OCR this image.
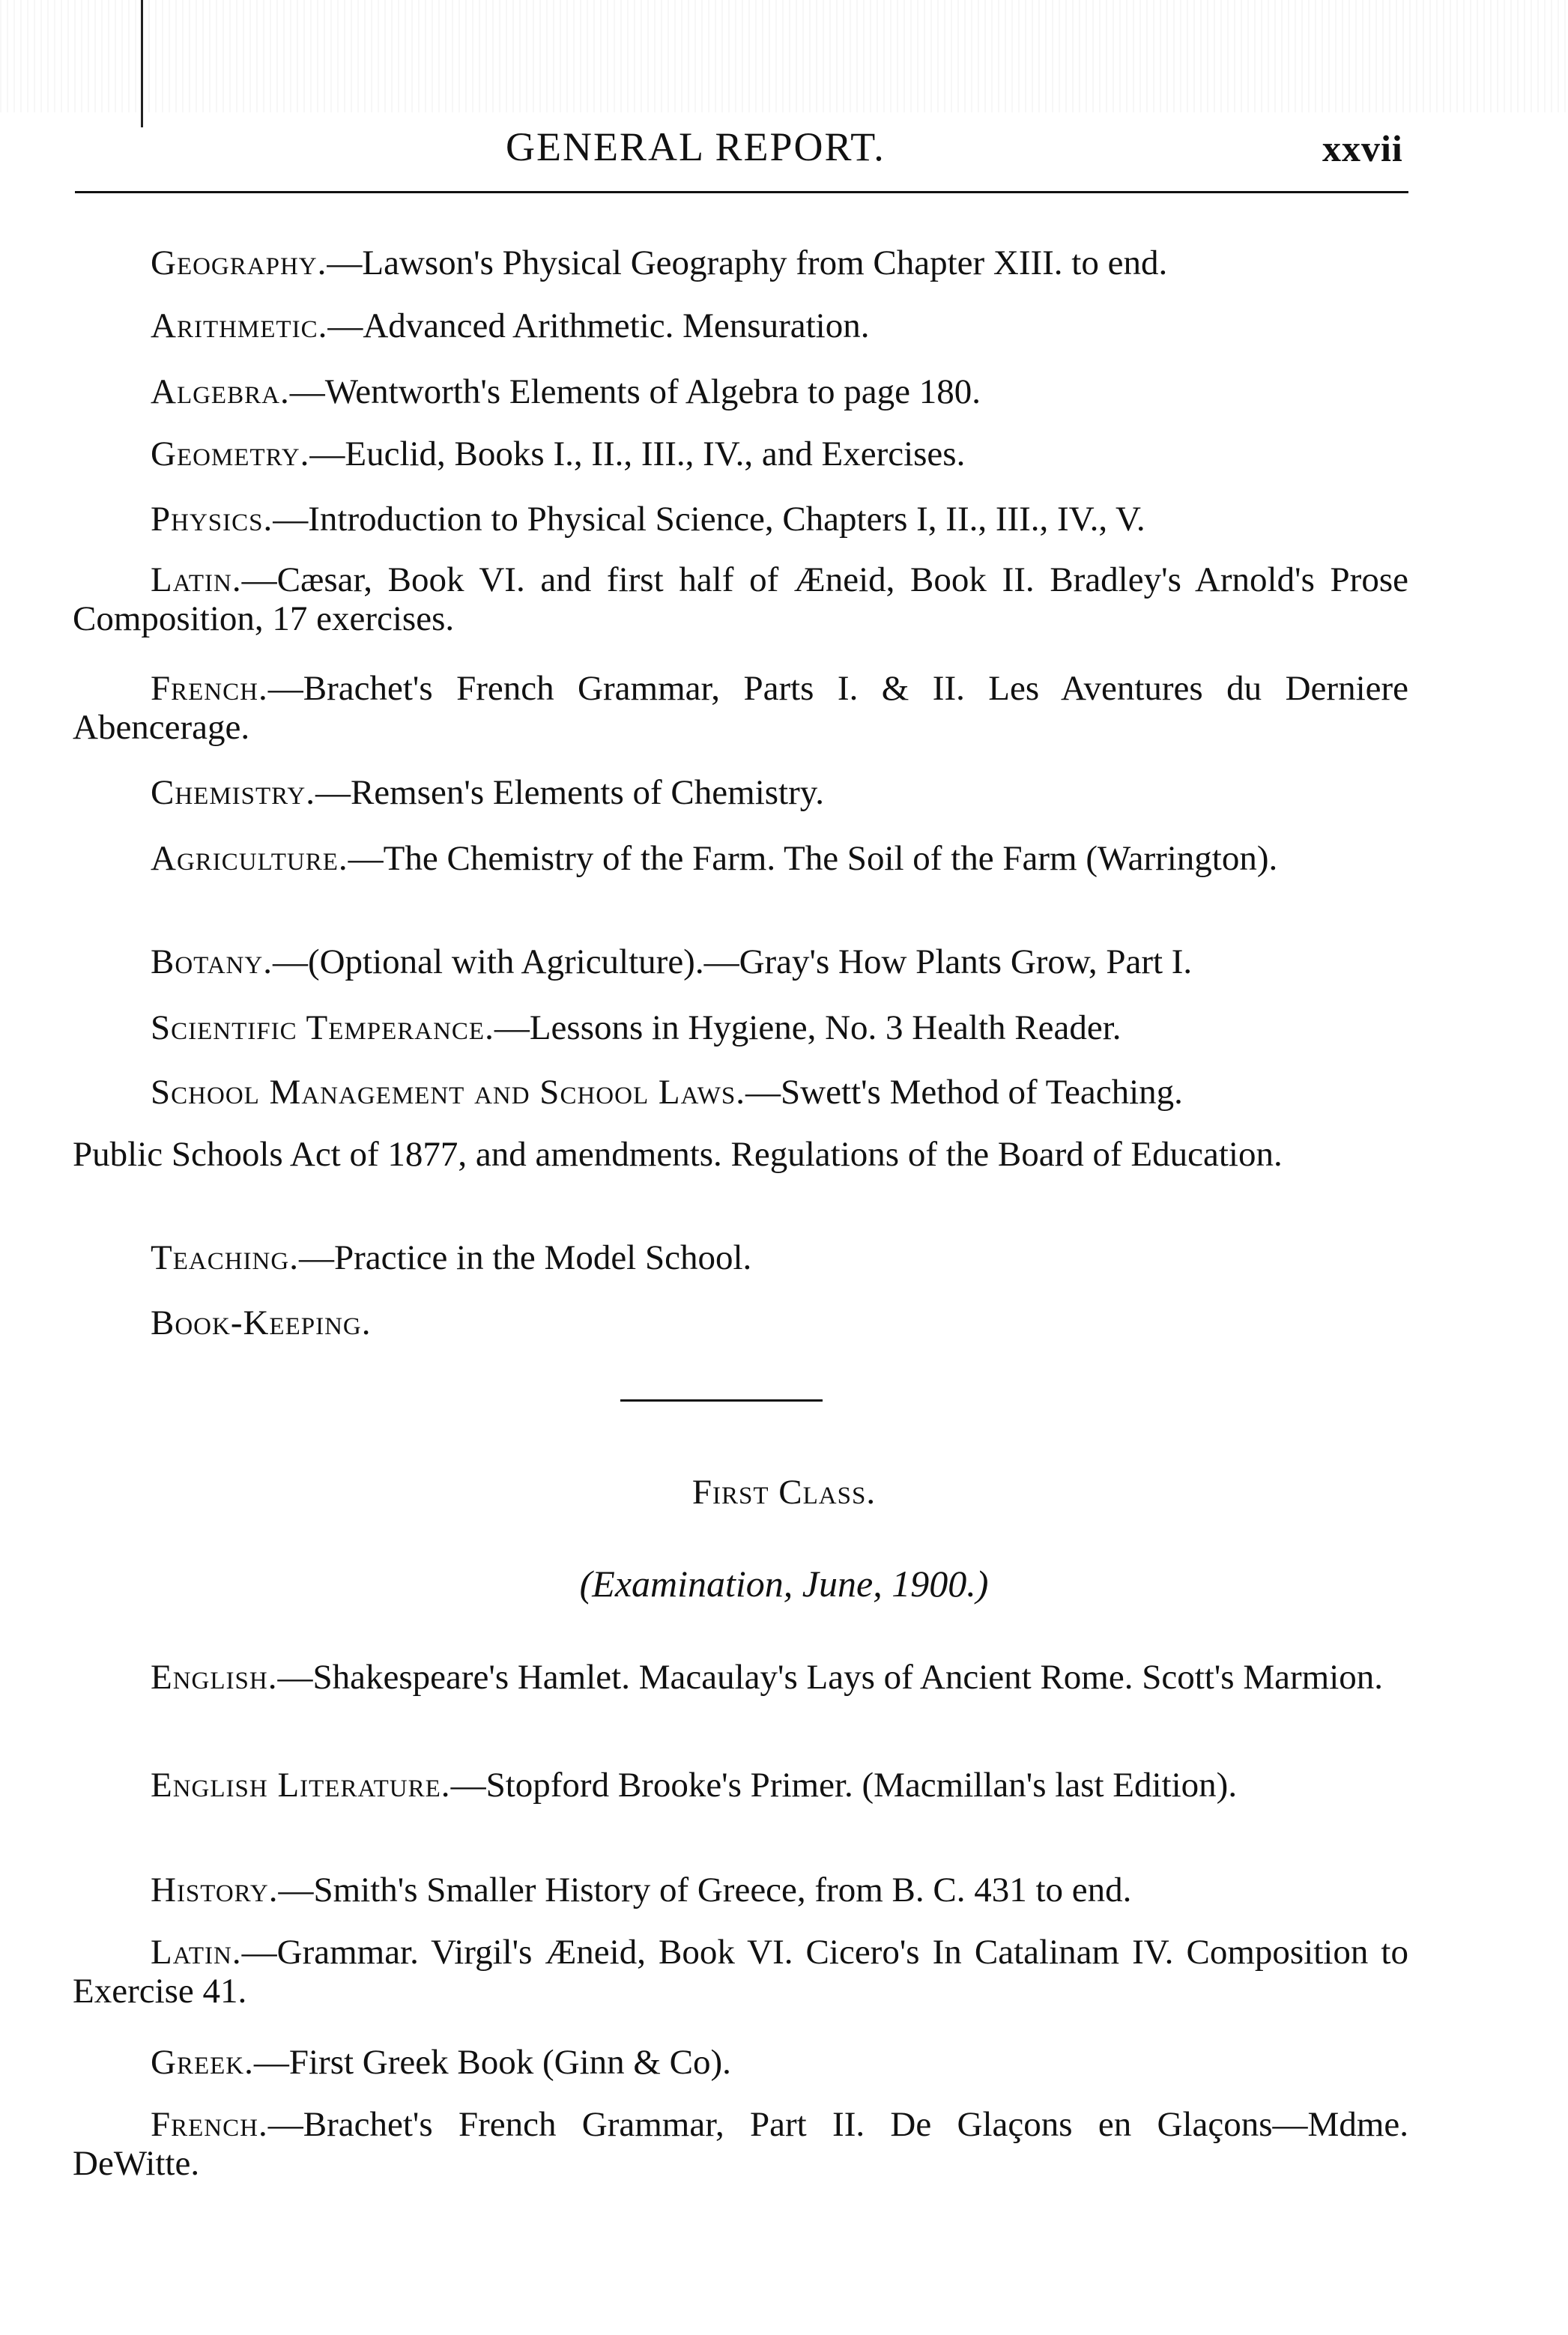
GENERAL REPORT.	xxvii
Geography.—Lawson's Physical Geography from Chapter XIII. to end.
Arithmetic.—Advanced Arithmetic. Mensuration.
Algebra.—Wentworth's Elements of Algebra to page 180.
Geometry.—Euclid, Books I., II., III., IV., and Exercises.
Physics.—Introduction to Physical Science, Chapters I, II., III., IV., V.
Latin.—Cæsar, Book VI. and first half of Æneid, Book II. Bradley's Arnold's Prose Composition, 17 exercises.
French.—Brachet's French Grammar, Parts I. & II. Les Aventures du Derniere Abencerage.
Chemistry.—Remsen's Elements of Chemistry.
Agriculture.—The Chemistry of the Farm. The Soil of the Farm (Warrington).
Botany.—(Optional with Agriculture).—Gray's How Plants Grow, Part I.
Scientific Temperance.—Lessons in Hygiene, No. 3 Health Reader.
School Management and School Laws.—Swett's Method of Teaching.
Public Schools Act of 1877, and amendments. Regulations of the Board of Education.
Teaching.—Practice in the Model School.
Book-Keeping.
First Class.
(Examination, June, 1900.)
English.—Shakespeare's Hamlet. Macaulay's Lays of Ancient Rome. Scott's Marmion.
English Literature.—Stopford Brooke's Primer. (Macmillan's last Edition).
History.—Smith's Smaller History of Greece, from B. C. 431 to end.
Latin.—Grammar. Virgil's Æneid, Book VI. Cicero's In Catalinam IV. Composition to Exercise 41.
Greek.—First Greek Book (Ginn & Co).
French.—Brachet's French Grammar, Part II. De Glaçons en Glaçons—Mdme. DeWitte.
